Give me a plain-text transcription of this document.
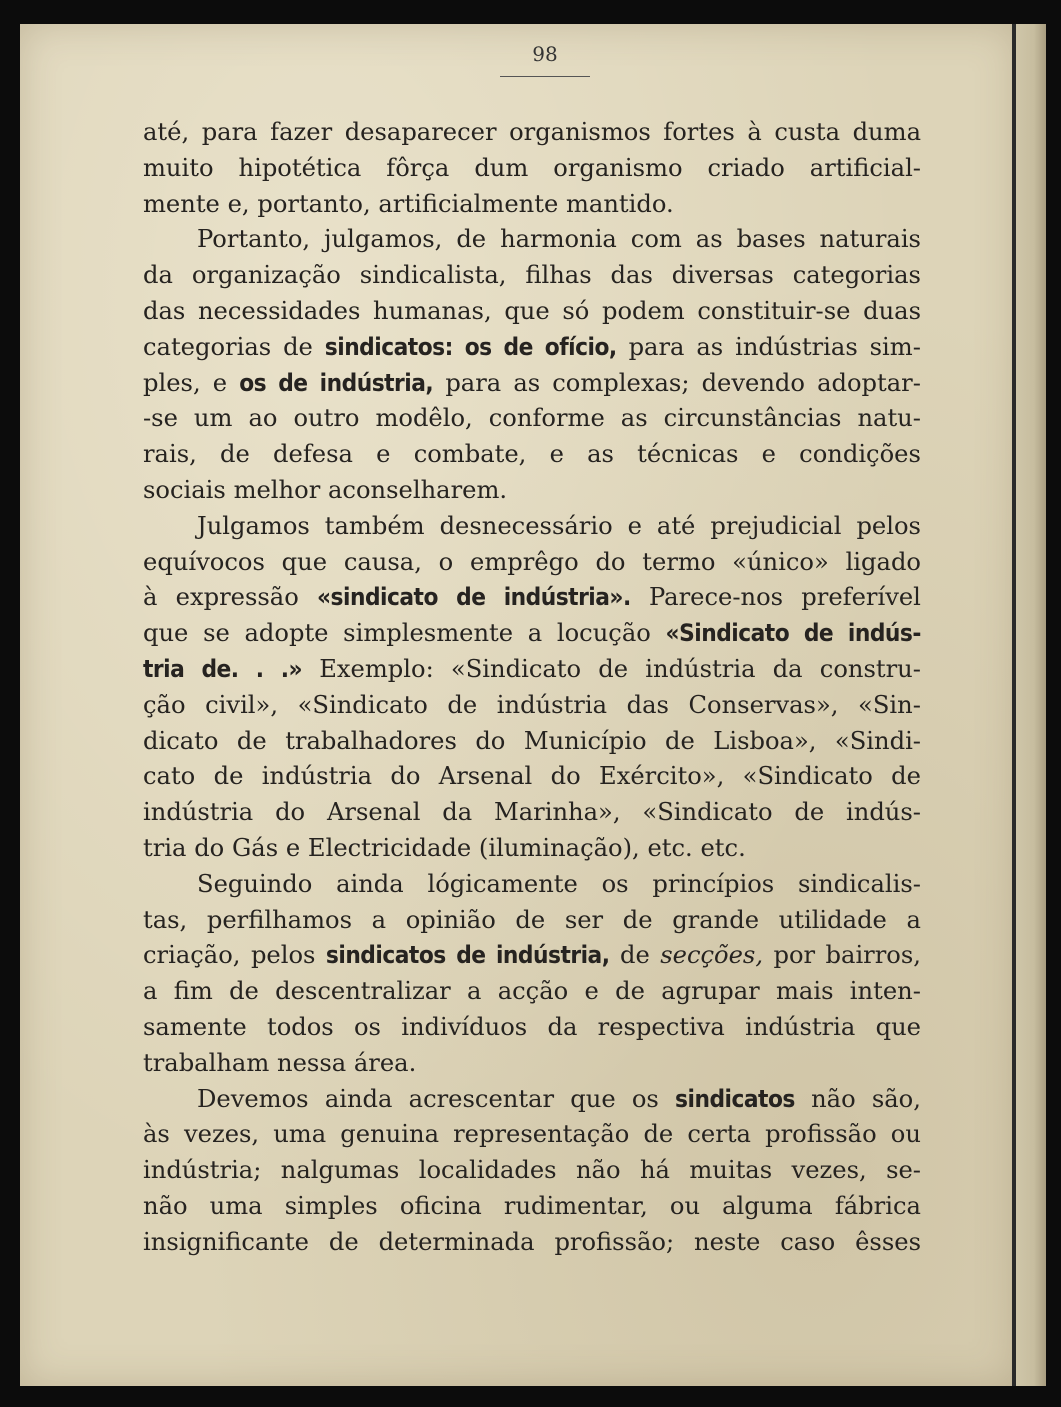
98
até, para fazer desaparecer organismos fortes à custa duma
muito hipotética fôrça dum organismo criado artificial-
mente e, portanto, artificialmente mantido.
Portanto, julgamos, de harmonia com as bases naturais
da organização sindicalista, filhas das diversas categorias
das necessidades humanas, que só podem constituir-se duas
categorias de sindicatos: os de ofício, para as indústrias sim-
ples, e os de indústria, para as complexas; devendo adoptar-
-se um ao outro modêlo, conforme as circunstâncias natu-
rais, de defesa e combate, e as técnicas e condições
sociais melhor aconselharem.
Julgamos também desnecessário e até prejudicial pelos
equívocos que causa, o emprêgo do termo «único» ligado
à expressão «sindicato de indústria». Parece-nos preferível
que se adopte simplesmente a locução «Sindicato de indús-
tria de. . .» Exemplo: «Sindicato de indústria da constru-
ção civil», «Sindicato de indústria das Conservas», «Sin-
dicato de trabalhadores do Município de Lisboa», «Sindi-
cato de indústria do Arsenal do Exército», «Sindicato de
indústria do Arsenal da Marinha», «Sindicato de indús-
tria do Gás e Electricidade (iluminação), etc. etc.
Seguindo ainda lógicamente os princípios sindicalis-
tas, perfilhamos a opinião de ser de grande utilidade a
criação, pelos sindicatos de indústria, de secções, por bairros,
a fim de descentralizar a acção e de agrupar mais inten-
samente todos os indivíduos da respectiva indústria que
trabalham nessa área.
Devemos ainda acrescentar que os sindicatos não são,
às vezes, uma genuina representação de certa profissão ou
indústria; nalgumas localidades não há muitas vezes, se-
não uma simples oficina rudimentar, ou alguma fábrica
insignificante de determinada profissão; neste caso êsses
